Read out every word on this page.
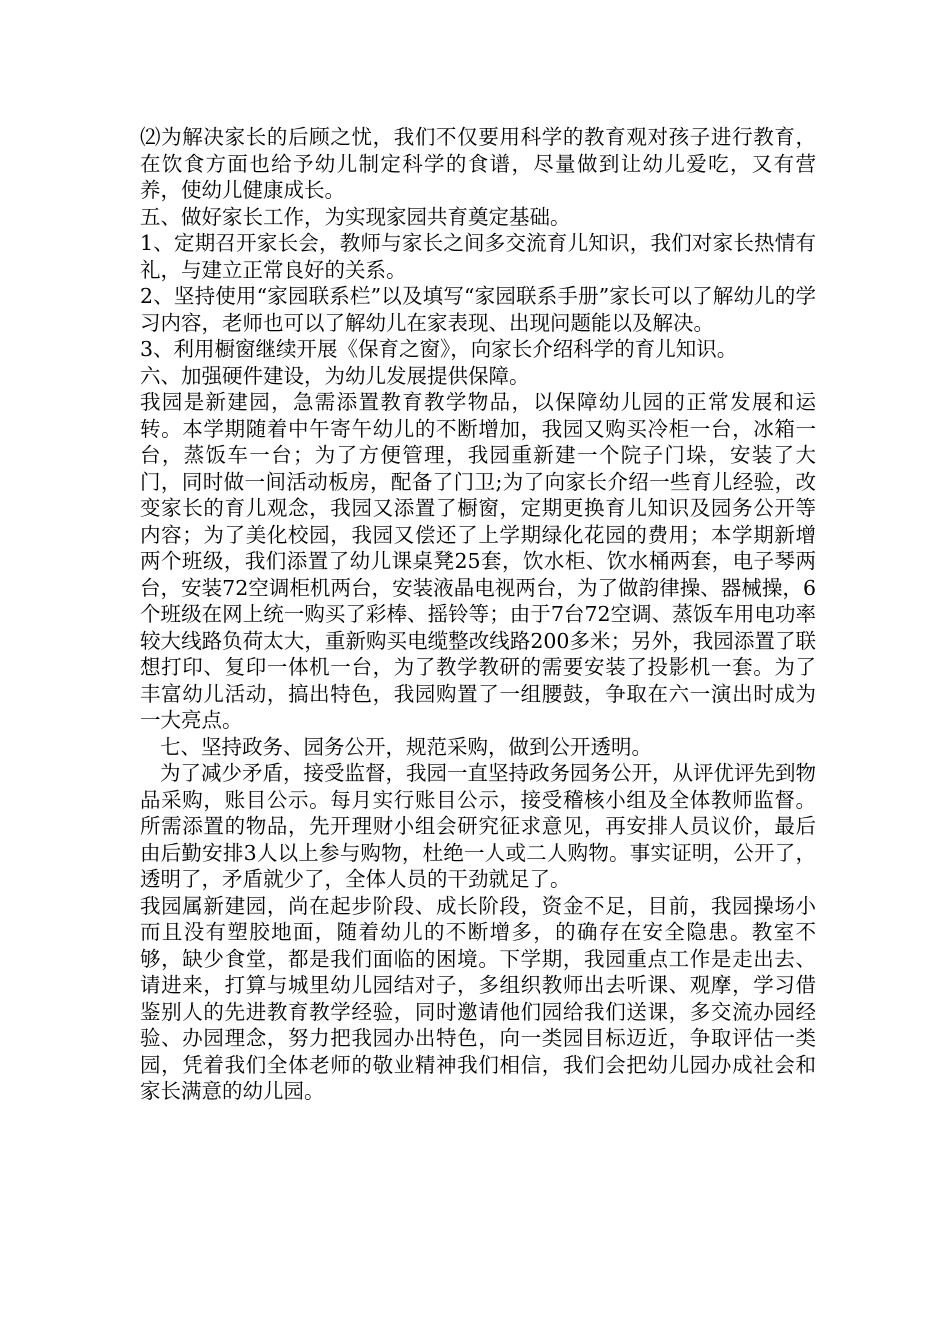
⑵为解决家长的后顾之忧，我们不仅要用科学的教育观对孩子进行教育，在饮食方面也给予幼儿制定科学的食谱，尽量做到让幼儿爱吃，又有营养，使幼儿健康成长。

五、做好家长工作，为实现家园共育奠定基础。

1、定期召开家长会，教师与家长之间多交流育儿知识，我们对家长热情有礼，与建立正常良好的关系。

2、坚持使用“家园联系栏”以及填写“家园联系手册”家长可以了解幼儿的学习内容，老师也可以了解幼儿在家表现、出现问题能以及解决。

3、利用橱窗继续开展《保育之窗》，向家长介绍科学的育儿知识。

六、加强硬件建设，为幼儿发展提供保障。

我园是新建园，急需添置教育教学物品，以保障幼儿园的正常发展和运转。本学期随着中午寄午幼儿的不断增加，我园又购买冷柜一台，冰箱一台，蒸饭车一台；为了方便管理，我园重新建一个院子门垛，安装了大门，同时做一间活动板房，配备了门卫;为了向家长介绍一些育儿经验，改变家长的育儿观念，我园又添置了橱窗，定期更换育儿知识及园务公开等内容；为了美化校园，我园又偿还了上学期绿化花园的费用；本学期新增两个班级，我们添置了幼儿课桌凳25套，饮水柜、饮水桶两套，电子琴两台，安装72空调柜机两台，安装液晶电视两台，为了做韵律操、器械操，6个班级在网上统一购买了彩棒、摇铃等；由于7台72空调、蒸饭车用电功率较大线路负荷太大，重新购买电缆整改线路200多米；另外，我园添置了联想打印、复印一体机一台，为了教学教研的需要安装了投影机一套。为了丰富幼儿活动，搞出特色，我园购置了一组腰鼓，争取在六一演出时成为一大亮点。

七、坚持政务、园务公开，规范采购，做到公开透明。

为了减少矛盾，接受监督，我园一直坚持政务园务公开，从评优评先到物品采购，账目公示。每月实行账目公示，接受稽核小组及全体教师监督。所需添置的物品，先开理财小组会研究征求意见，再安排人员议价，最后由后勤安排3人以上参与购物，杜绝一人或二人购物。事实证明，公开了，透明了，矛盾就少了，全体人员的干劲就足了。

我园属新建园，尚在起步阶段、成长阶段，资金不足，目前，我园操场小而且没有塑胶地面，随着幼儿的不断增多，的确存在安全隐患。教室不够，缺少食堂，都是我们面临的困境。下学期，我园重点工作是走出去、请进来，打算与城里幼儿园结对子，多组织教师出去听课、观摩，学习借鉴别人的先进教育教学经验，同时邀请他们园给我们送课，多交流办园经验、办园理念，努力把我园办出特色，向一类园目标迈近，争取评估一类园，凭着我们全体老师的敬业精神我们相信，我们会把幼儿园办成社会和家长满意的幼儿园。
